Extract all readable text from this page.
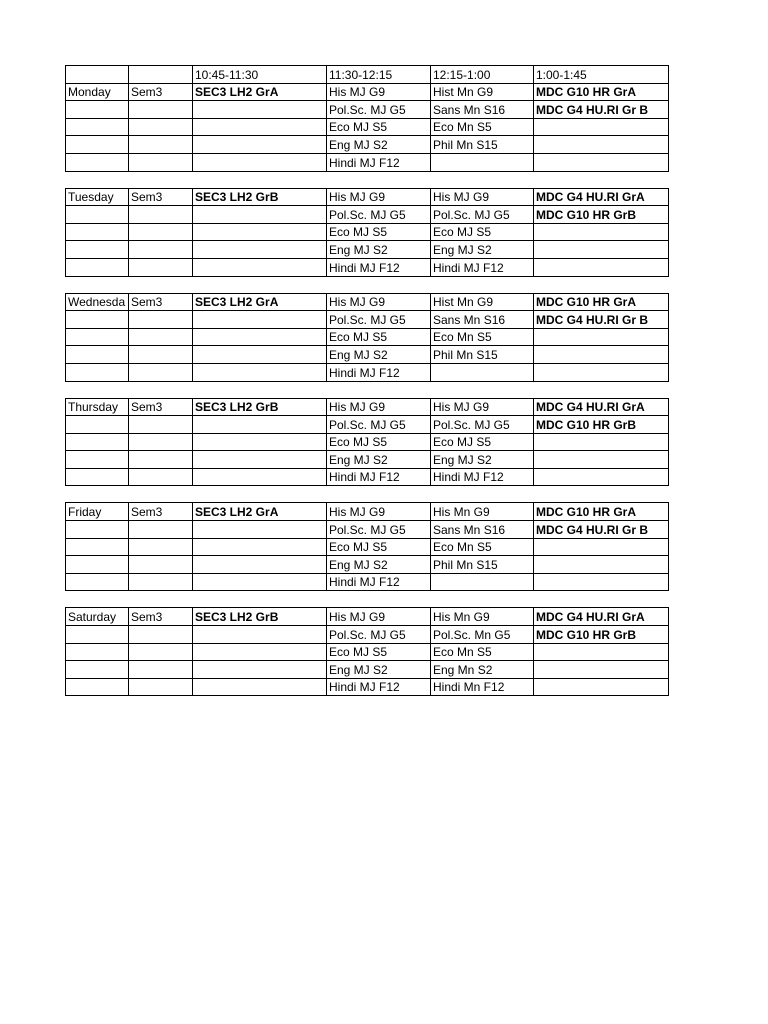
		10:45-11:30	11:30-12:15	12:15-1:00	1:00-1:45
Monday	Sem3	SEC3 LH2 GrA	His MJ G9	Hist Mn G9	MDC G10 HR GrA
			Pol.Sc. MJ G5	Sans Mn S16	MDC G4 HU.RI Gr B
			Eco MJ S5	Eco Mn S5	
			Eng MJ S2	Phil Mn S15	
			Hindi MJ F12		
Tuesday	Sem3	SEC3 LH2 GrB	His MJ G9	His MJ G9	MDC G4 HU.RI GrA
			Pol.Sc. MJ G5	Pol.Sc. MJ G5	MDC G10 HR GrB
			Eco MJ S5	Eco MJ S5	
			Eng MJ S2	Eng MJ S2	
			Hindi MJ F12	Hindi MJ F12	
Wednesda	Sem3	SEC3 LH2 GrA	His MJ G9	Hist Mn G9	MDC G10 HR GrA
			Pol.Sc. MJ G5	Sans Mn S16	MDC G4 HU.RI Gr B
			Eco MJ S5	Eco Mn S5	
			Eng MJ S2	Phil Mn S15	
			Hindi MJ F12		
Thursday	Sem3	SEC3 LH2 GrB	His MJ G9	His MJ G9	MDC G4 HU.RI GrA
			Pol.Sc. MJ G5	Pol.Sc. MJ G5	MDC G10 HR GrB
			Eco MJ S5	Eco MJ S5	
			Eng MJ S2	Eng MJ S2	
			Hindi MJ F12	Hindi MJ F12	
Friday	Sem3	SEC3 LH2 GrA	His MJ G9	His Mn G9	MDC G10 HR GrA
			Pol.Sc. MJ G5	Sans Mn S16	MDC G4 HU.RI Gr B
			Eco MJ S5	Eco Mn S5	
			Eng MJ S2	Phil Mn S15	
			Hindi MJ F12		
Saturday	Sem3	SEC3 LH2 GrB	His MJ G9	His Mn G9	MDC G4 HU.RI GrA
			Pol.Sc. MJ G5	Pol.Sc. Mn G5	MDC G10 HR GrB
			Eco MJ S5	Eco Mn S5	
			Eng MJ S2	Eng Mn S2	
			Hindi MJ F12	Hindi Mn F12	
